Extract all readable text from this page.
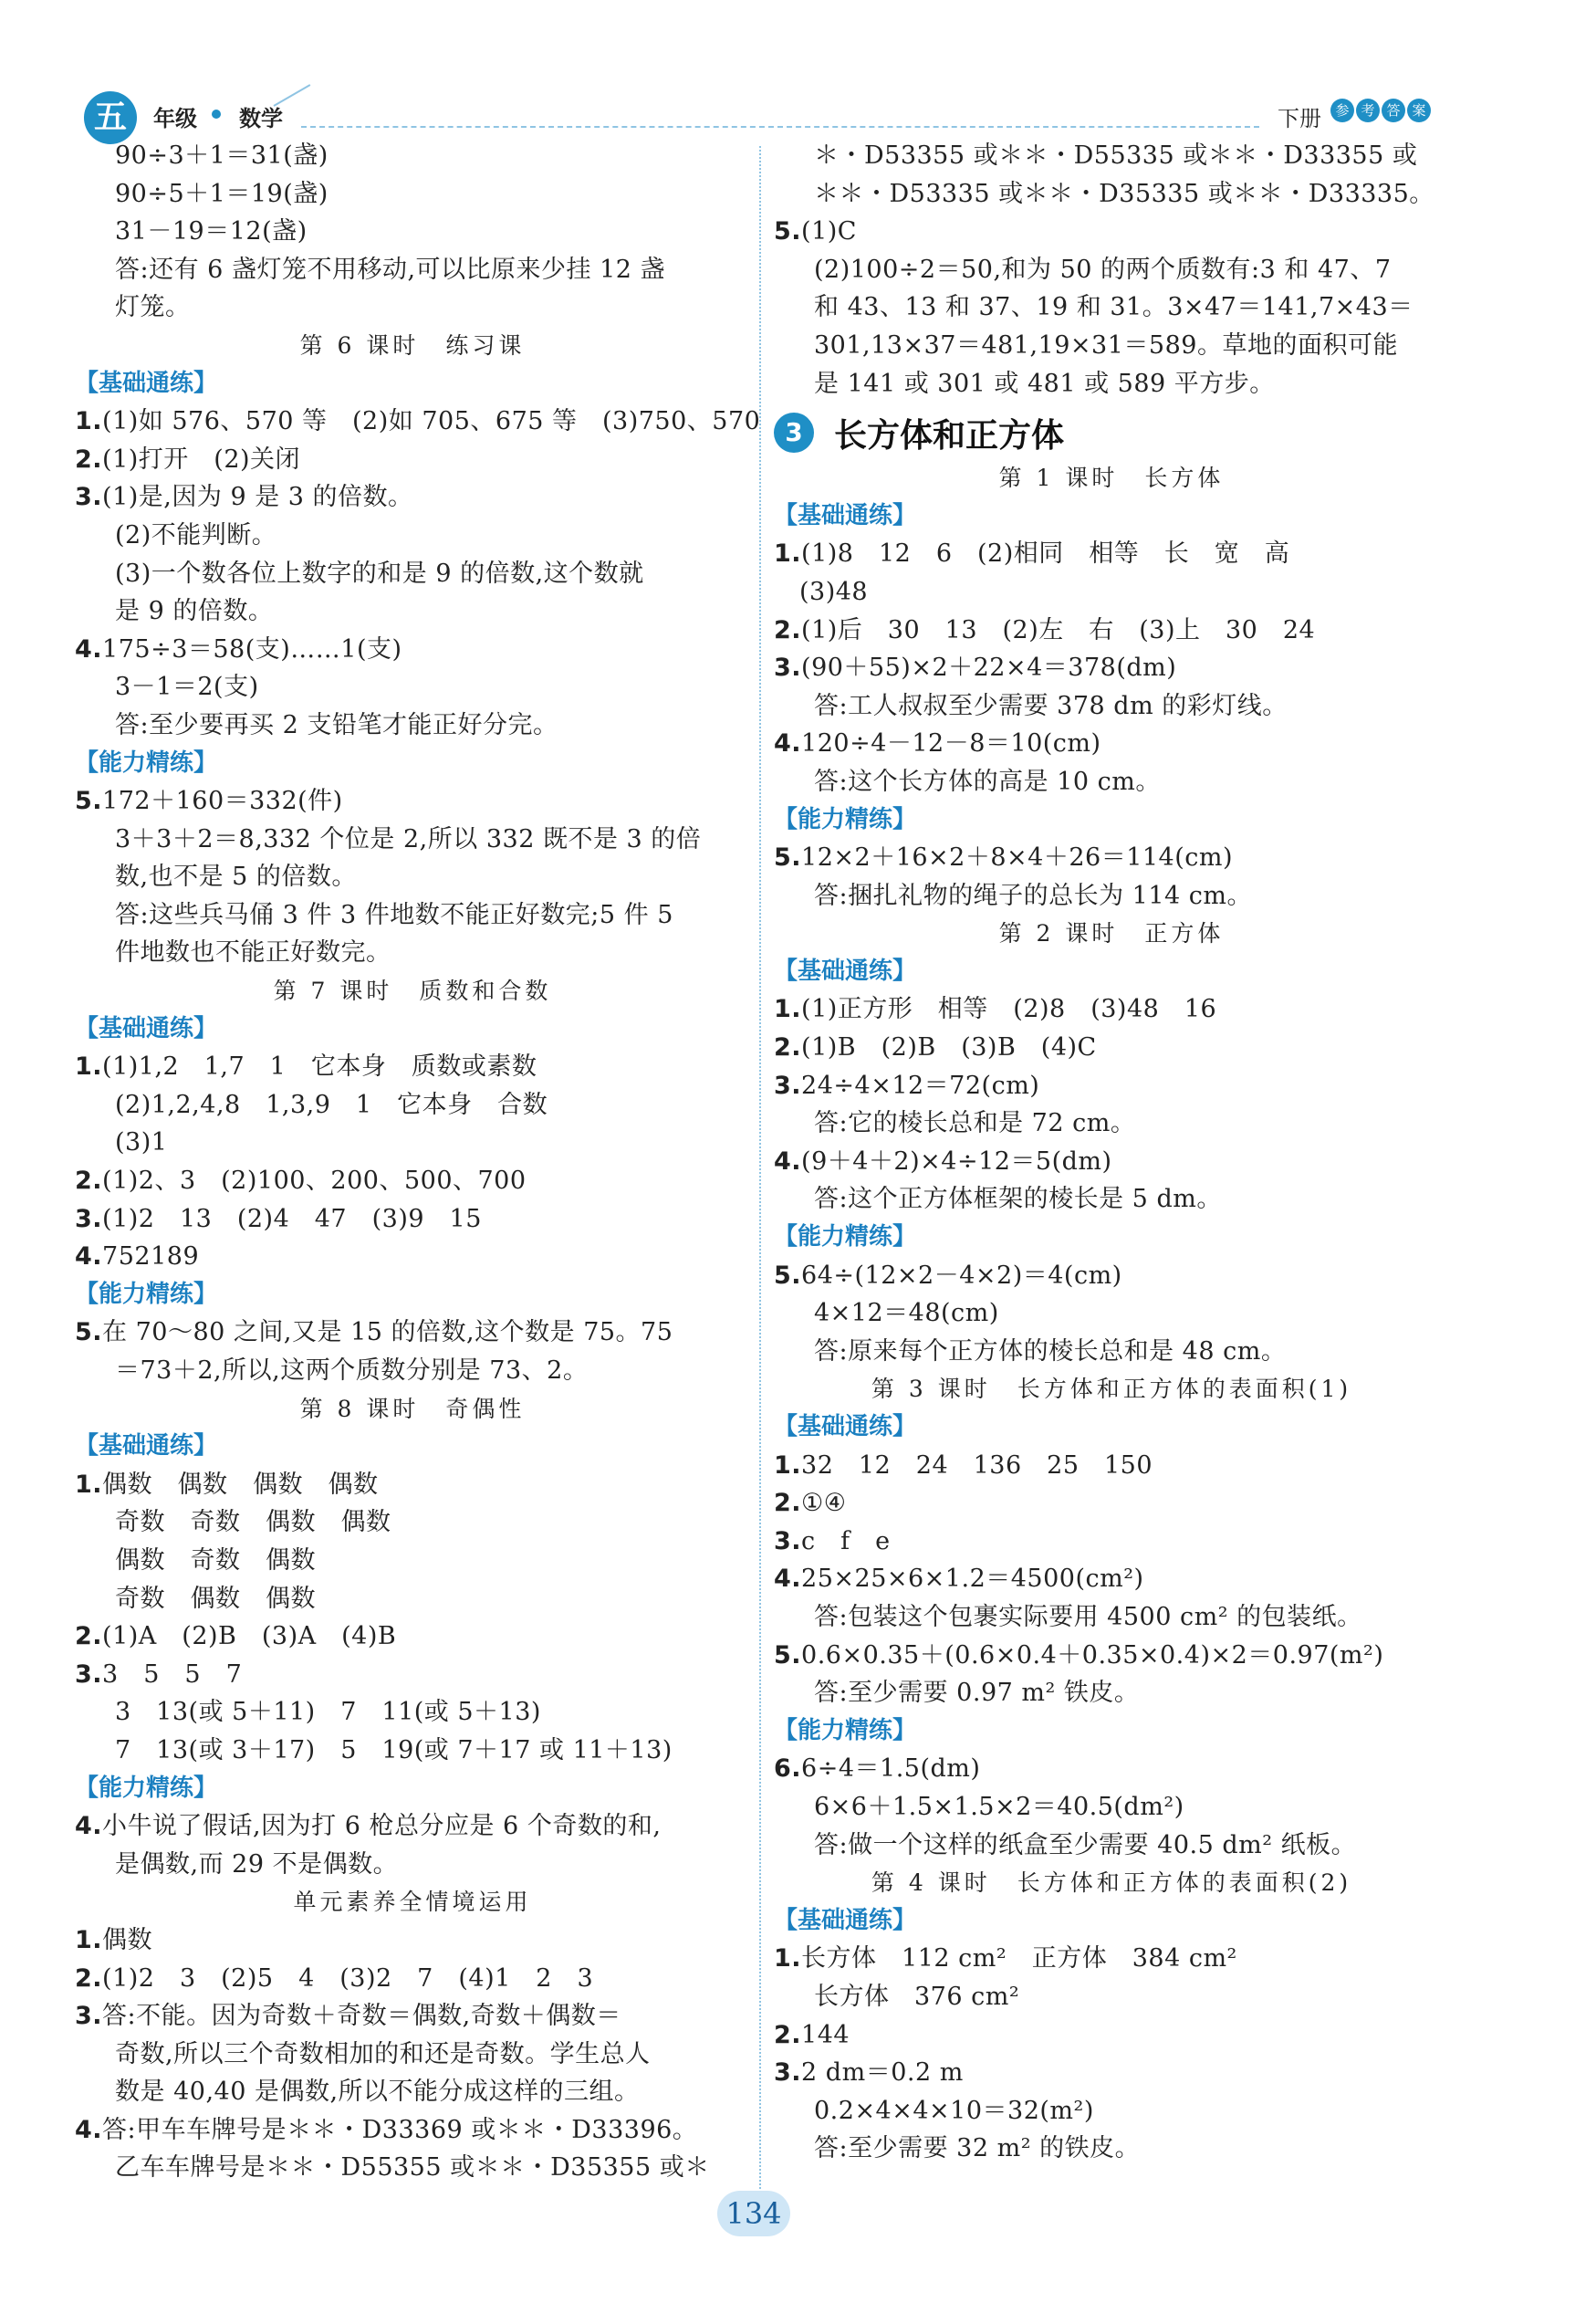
五	年级 数学	下册	参 考 答 案
90÷3＋1＝31(盏)
90÷5＋1＝19(盏)
31－19＝12(盏)
答:还有 6 盏灯笼不用移动,可以比原来少挂 12 盏
灯笼。
第 6 课时　练习课
【基础通练】
1.(1)如 576、570 等　(2)如 705、675 等　(3)750、570
2.(1)打开　(2)关闭
3.(1)是,因为 9 是 3 的倍数。
(2)不能判断。
(3)一个数各位上数字的和是 9 的倍数,这个数就
是 9 的倍数。
4.175÷3＝58(支)……1(支)
3－1＝2(支)
答:至少要再买 2 支铅笔才能正好分完。
【能力精练】
5.172＋160＝332(件)
3＋3＋2＝8,332 个位是 2,所以 332 既不是 3 的倍
数,也不是 5 的倍数。
答:这些兵马俑 3 件 3 件地数不能正好数完;5 件 5
件地数也不能正好数完。
第 7 课时　质数和合数
【基础通练】
1.(1)1,2　1,7　1　它本身　质数或素数
(2)1,2,4,8　1,3,9　1　它本身　合数
(3)1
2.(1)2、3　(2)100、200、500、700
3.(1)2　13　(2)4　47　(3)9　15
4.752189
【能力精练】
5.在 70～80 之间,又是 15 的倍数,这个数是 75。75
＝73＋2,所以,这两个质数分别是 73、2。
第 8 课时　奇偶性
【基础通练】
1.偶数　偶数　偶数　偶数
奇数　奇数　偶数　偶数
偶数　奇数　偶数
奇数　偶数　偶数
2.(1)A　(2)B　(3)A　(4)B
3.3　5　5　7
3　13(或 5＋11)　7　11(或 5＋13)
7　13(或 3＋17)　5　19(或 7＋17 或 11＋13)
【能力精练】
4.小牛说了假话,因为打 6 枪总分应是 6 个奇数的和,
是偶数,而 29 不是偶数。
单元素养全情境运用
1.偶数
2.(1)2　3　(2)5　4　(3)2　7　(4)1　2　3
3.答:不能。因为奇数＋奇数＝偶数,奇数＋偶数＝
奇数,所以三个奇数相加的和还是奇数。学生总人
数是 40,40 是偶数,所以不能分成这样的三组。
4.答:甲车车牌号是＊＊・D33369 或＊＊・D33396。
乙车车牌号是＊＊・D55355 或＊＊・D35355 或＊
＊・D53355 或＊＊・D55335 或＊＊・D33355 或
＊＊・D53335 或＊＊・D35335 或＊＊・D33335。
5.(1)C
(2)100÷2＝50,和为 50 的两个质数有:3 和 47、7
和 43、13 和 37、19 和 31。3×47＝141,7×43＝
301,13×37＝481,19×31＝589。草地的面积可能
是 141 或 301 或 481 或 589 平方步。
3 长方体和正方体
第 1 课时　长方体
【基础通练】
1.(1)8　12　6　(2)相同　相等　长　宽　高
(3)48
2.(1)后　30　13　(2)左　右　(3)上　30　24
3.(90＋55)×2＋22×4＝378(dm)
答:工人叔叔至少需要 378 dm 的彩灯线。
4.120÷4－12－8＝10(cm)
答:这个长方体的高是 10 cm。
【能力精练】
5.12×2＋16×2＋8×4＋26＝114(cm)
答:捆扎礼物的绳子的总长为 114 cm。
第 2 课时　正方体
【基础通练】
1.(1)正方形　相等　(2)8　(3)48　16
2.(1)B　(2)B　(3)B　(4)C
3.24÷4×12＝72(cm)
答:它的棱长总和是 72 cm。
4.(9＋4＋2)×4÷12＝5(dm)
答:这个正方体框架的棱长是 5 dm。
【能力精练】
5.64÷(12×2－4×2)＝4(cm)
4×12＝48(cm)
答:原来每个正方体的棱长总和是 48 cm。
第 3 课时　长方体和正方体的表面积(1)
【基础通练】
1.32　12　24　136　25　150
2.①④
3.c　f　e
4.25×25×6×1.2＝4500(cm²)
答:包装这个包裹实际要用 4500 cm² 的包装纸。
5.0.6×0.35＋(0.6×0.4＋0.35×0.4)×2＝0.97(m²)
答:至少需要 0.97 m² 铁皮。
【能力精练】
6.6÷4＝1.5(dm)
6×6＋1.5×1.5×2＝40.5(dm²)
答:做一个这样的纸盒至少需要 40.5 dm² 纸板。
第 4 课时　长方体和正方体的表面积(2)
【基础通练】
1.长方体　112 cm²　正方体　384 cm²
长方体　376 cm²
2.144
3.2 dm＝0.2 m
0.2×4×4×10＝32(m²)
答:至少需要 32 m² 的铁皮。
134
